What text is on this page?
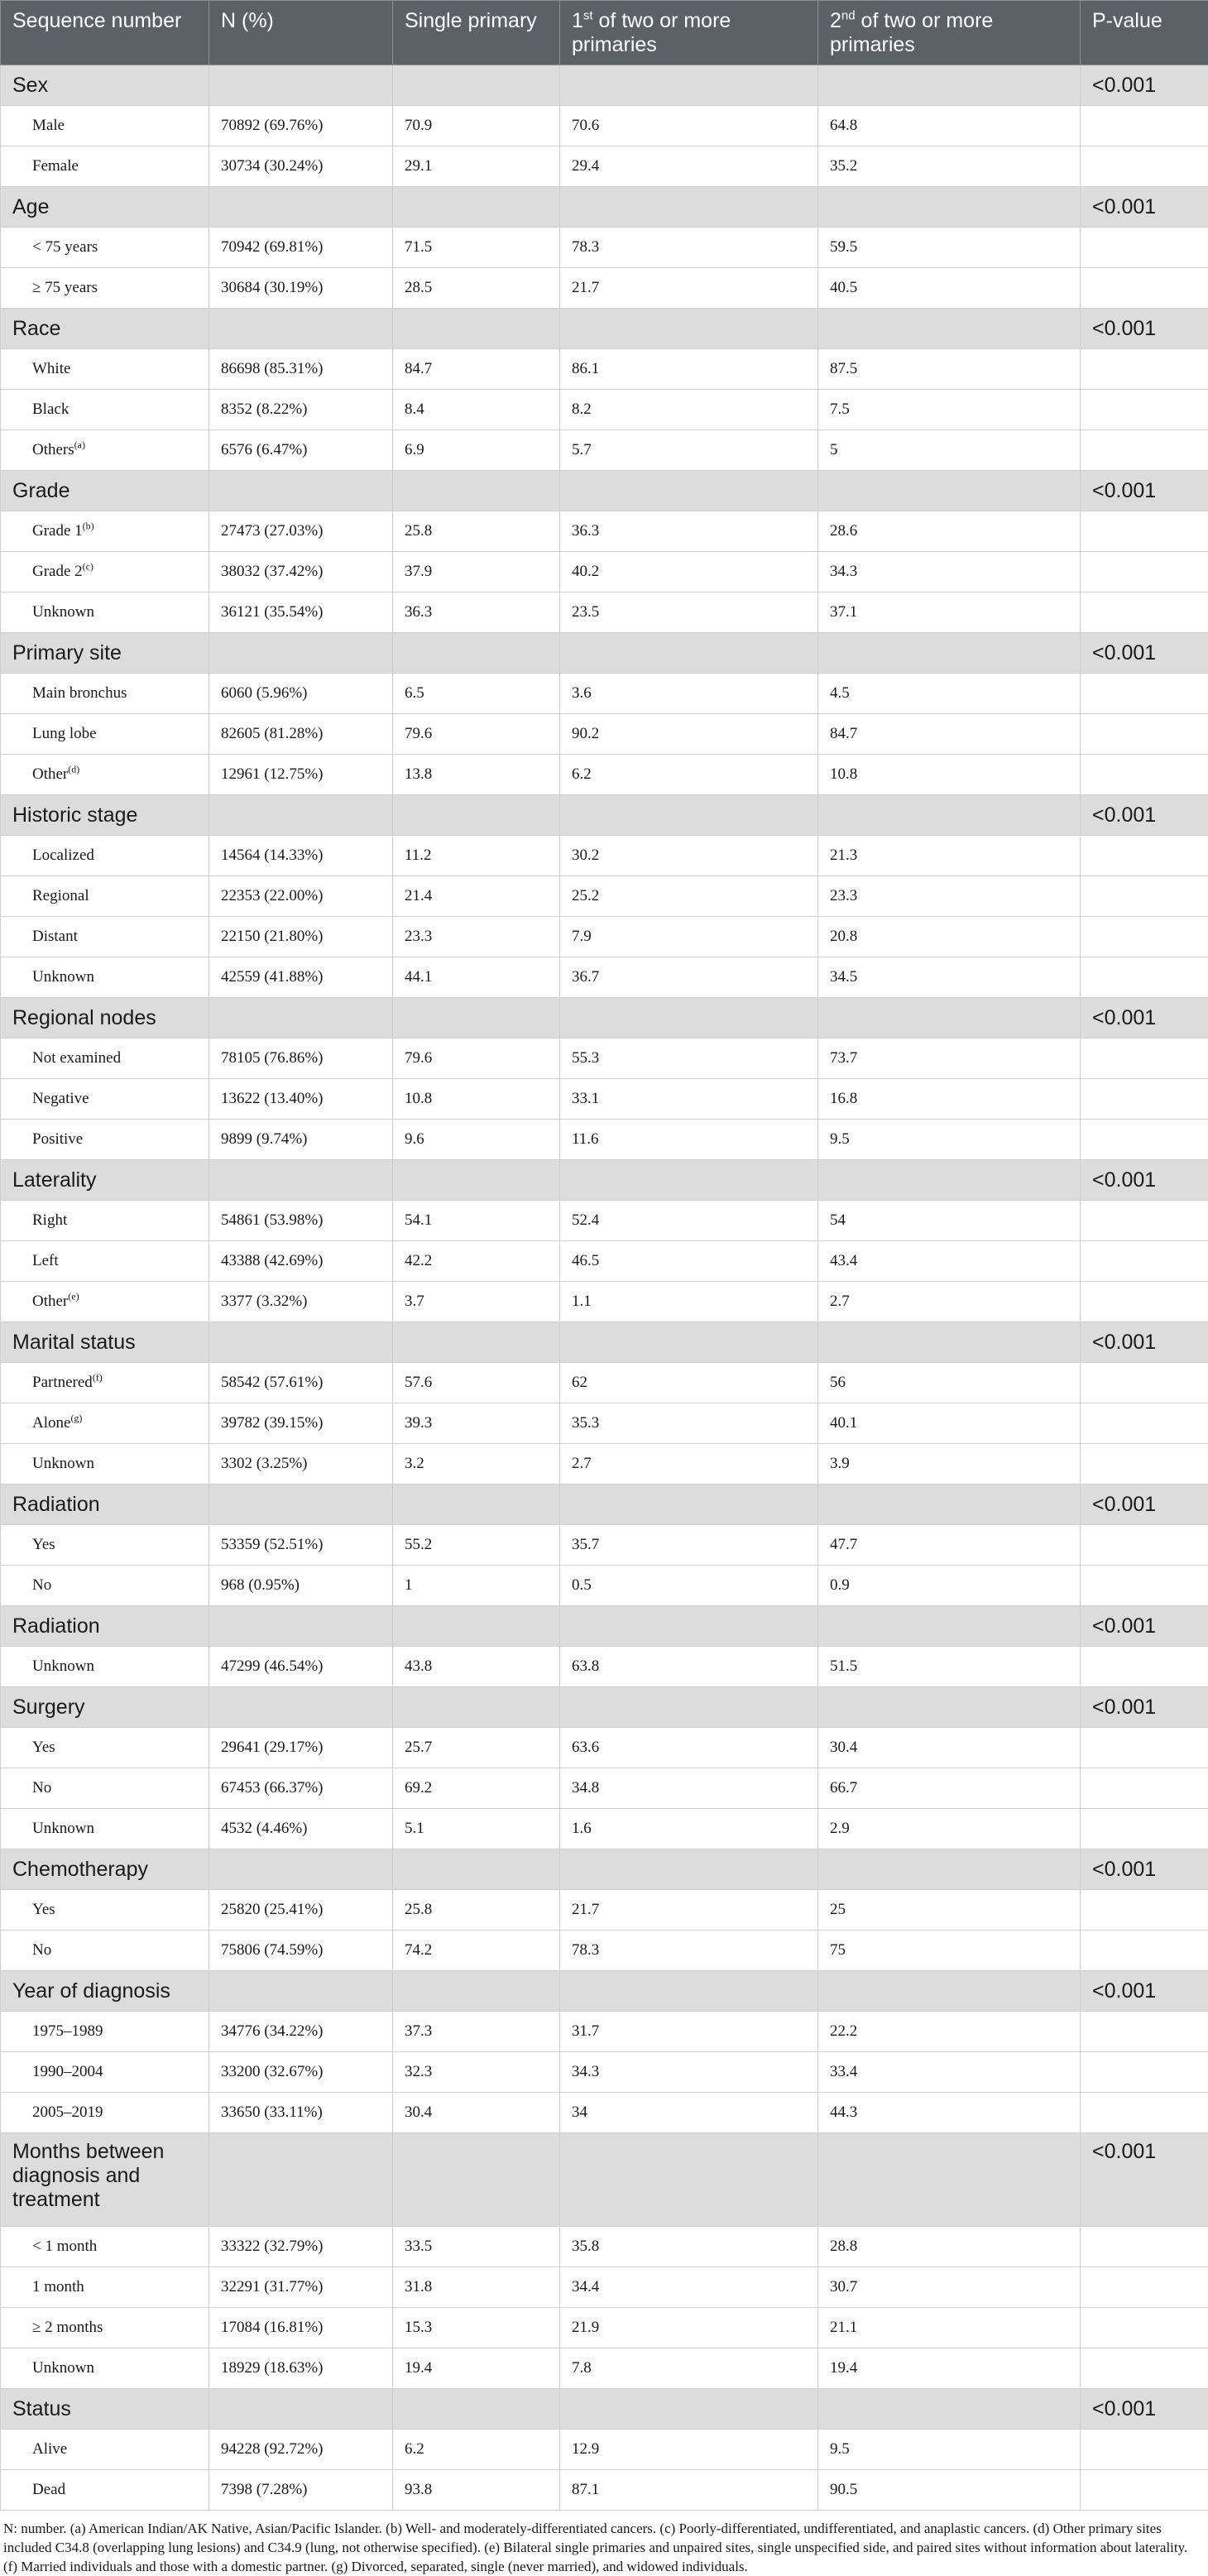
Sequence number	N (%)	Single primary	1st of two or more primaries	2nd of two or more primaries	P-value
Sex					<0.001
Male	70892 (69.76%)	70.9	70.6	64.8	
Female	30734 (30.24%)	29.1	29.4	35.2	
Age					<0.001
< 75 years	70942 (69.81%)	71.5	78.3	59.5	
≥ 75 years	30684 (30.19%)	28.5	21.7	40.5	
Race					<0.001
White	86698 (85.31%)	84.7	86.1	87.5	
Black	8352 (8.22%)	8.4	8.2	7.5	
Others$^{(a)}$	6576 (6.47%)	6.9	5.7	5	
Grade					<0.001
Grade 1$^{(b)}$	27473 (27.03%)	25.8	36.3	28.6	
Grade 2$^{(c)}$	38032 (37.42%)	37.9	40.2	34.3	
Unknown	36121 (35.54%)	36.3	23.5	37.1	
Primary site					<0.001
Main bronchus	6060 (5.96%)	6.5	3.6	4.5	
Lung lobe	82605 (81.28%)	79.6	90.2	84.7	
Other$^{(d)}$	12961 (12.75%)	13.8	6.2	10.8	
Historic stage					<0.001
Localized	14564 (14.33%)	11.2	30.2	21.3	
Regional	22353 (22.00%)	21.4	25.2	23.3	
Distant	22150 (21.80%)	23.3	7.9	20.8	
Unknown	42559 (41.88%)	44.1	36.7	34.5	
Regional nodes					<0.001
Not examined	78105 (76.86%)	79.6	55.3	73.7	
Negative	13622 (13.40%)	10.8	33.1	16.8	
Positive	9899 (9.74%)	9.6	11.6	9.5	
Laterality					<0.001
Right	54861 (53.98%)	54.1	52.4	54	
Left	43388 (42.69%)	42.2	46.5	43.4	
Other$^{(e)}$	3377 (3.32%)	3.7	1.1	2.7	
Marital status					<0.001
Partnered$^{(f)}$	58542 (57.61%)	57.6	62	56	
Alone$^{(g)}$	39782 (39.15%)	39.3	35.3	40.1	
Unknown	3302 (3.25%)	3.2	2.7	3.9	
Radiation					<0.001
Yes	53359 (52.51%)	55.2	35.7	47.7	
No	968 (0.95%)	1	0.5	0.9	
Radiation					<0.001
Unknown	47299 (46.54%)	43.8	63.8	51.5	
Surgery					<0.001
Yes	29641 (29.17%)	25.7	63.6	30.4	
No	67453 (66.37%)	69.2	34.8	66.7	
Unknown	4532 (4.46%)	5.1	1.6	2.9	
Chemotherapy					<0.001
Yes	25820 (25.41%)	25.8	21.7	25	
No	75806 (74.59%)	74.2	78.3	75	
Year of diagnosis					<0.001
1975–1989	34776 (34.22%)	37.3	31.7	22.2	
1990–2004	33200 (32.67%)	32.3	34.3	33.4	
2005–2019	33650 (33.11%)	30.4	34	44.3	
Months between diagnosis and treatment					<0.001
< 1 month	33322 (32.79%)	33.5	35.8	28.8	
1 month	32291 (31.77%)	31.8	34.4	30.7	
≥ 2 months	17084 (16.81%)	15.3	21.9	21.1	
Unknown	18929 (18.63%)	19.4	7.8	19.4	
Status					<0.001
Alive	94228 (92.72%)	6.2	12.9	9.5	
Dead	7398 (7.28%)	93.8	87.1	90.5	
N: number. (a) American Indian/AK Native, Asian/Pacific Islander. (b) Well- and moderately-differentiated cancers. (c) Poorly-differentiated, undifferentiated, and anaplastic cancers. (d) Other primary sites included C34.8 (overlapping lung lesions) and C34.9 (lung, not otherwise specified). (e) Bilateral single primaries and unpaired sites, single unspecified side, and paired sites without information about laterality. (f) Married individuals and those with a domestic partner. (g) Divorced, separated, single (never married), and widowed individuals.
